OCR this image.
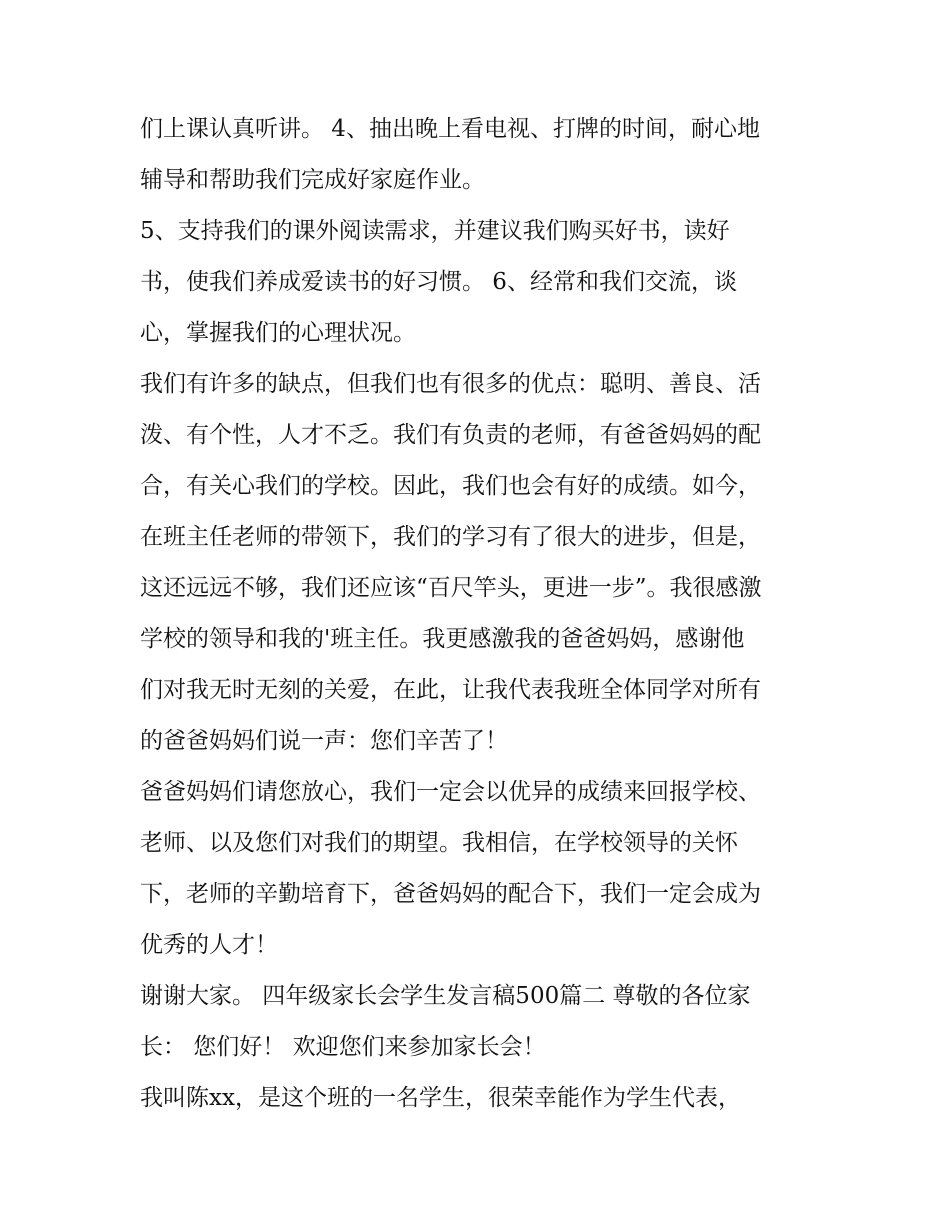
们上课认真听讲。 4、抽出晚上看电视、打牌的时间，耐心地
辅导和帮助我们完成好家庭作业。
5、支持我们的课外阅读需求，并建议我们购买好书，读好
书，使我们养成爱读书的好习惯。 6、经常和我们交流，谈
心，掌握我们的心理状况。
我们有许多的缺点，但我们也有很多的优点：聪明、善良、活
泼、有个性，人才不乏。我们有负责的老师，有爸爸妈妈的配
合，有关心我们的学校。因此，我们也会有好的成绩。如今，
在班主任老师的带领下，我们的学习有了很大的进步，但是，
这还远远不够，我们还应该“百尺竿头，更进一步”。我很感激
学校的领导和我的'班主任。我更感激我的爸爸妈妈，感谢他
们对我无时无刻的关爱，在此，让我代表我班全体同学对所有
的爸爸妈妈们说一声：您们辛苦了！
爸爸妈妈们请您放心，我们一定会以优异的成绩来回报学校、
老师、以及您们对我们的期望。我相信，在学校领导的关怀
下，老师的辛勤培育下，爸爸妈妈的配合下，我们一定会成为
优秀的人才！
谢谢大家。 四年级家长会学生发言稿500篇二 尊敬的各位家
长： 您们好！ 欢迎您们来参加家长会！
我叫陈xx，是这个班的一名学生，很荣幸能作为学生代表，
